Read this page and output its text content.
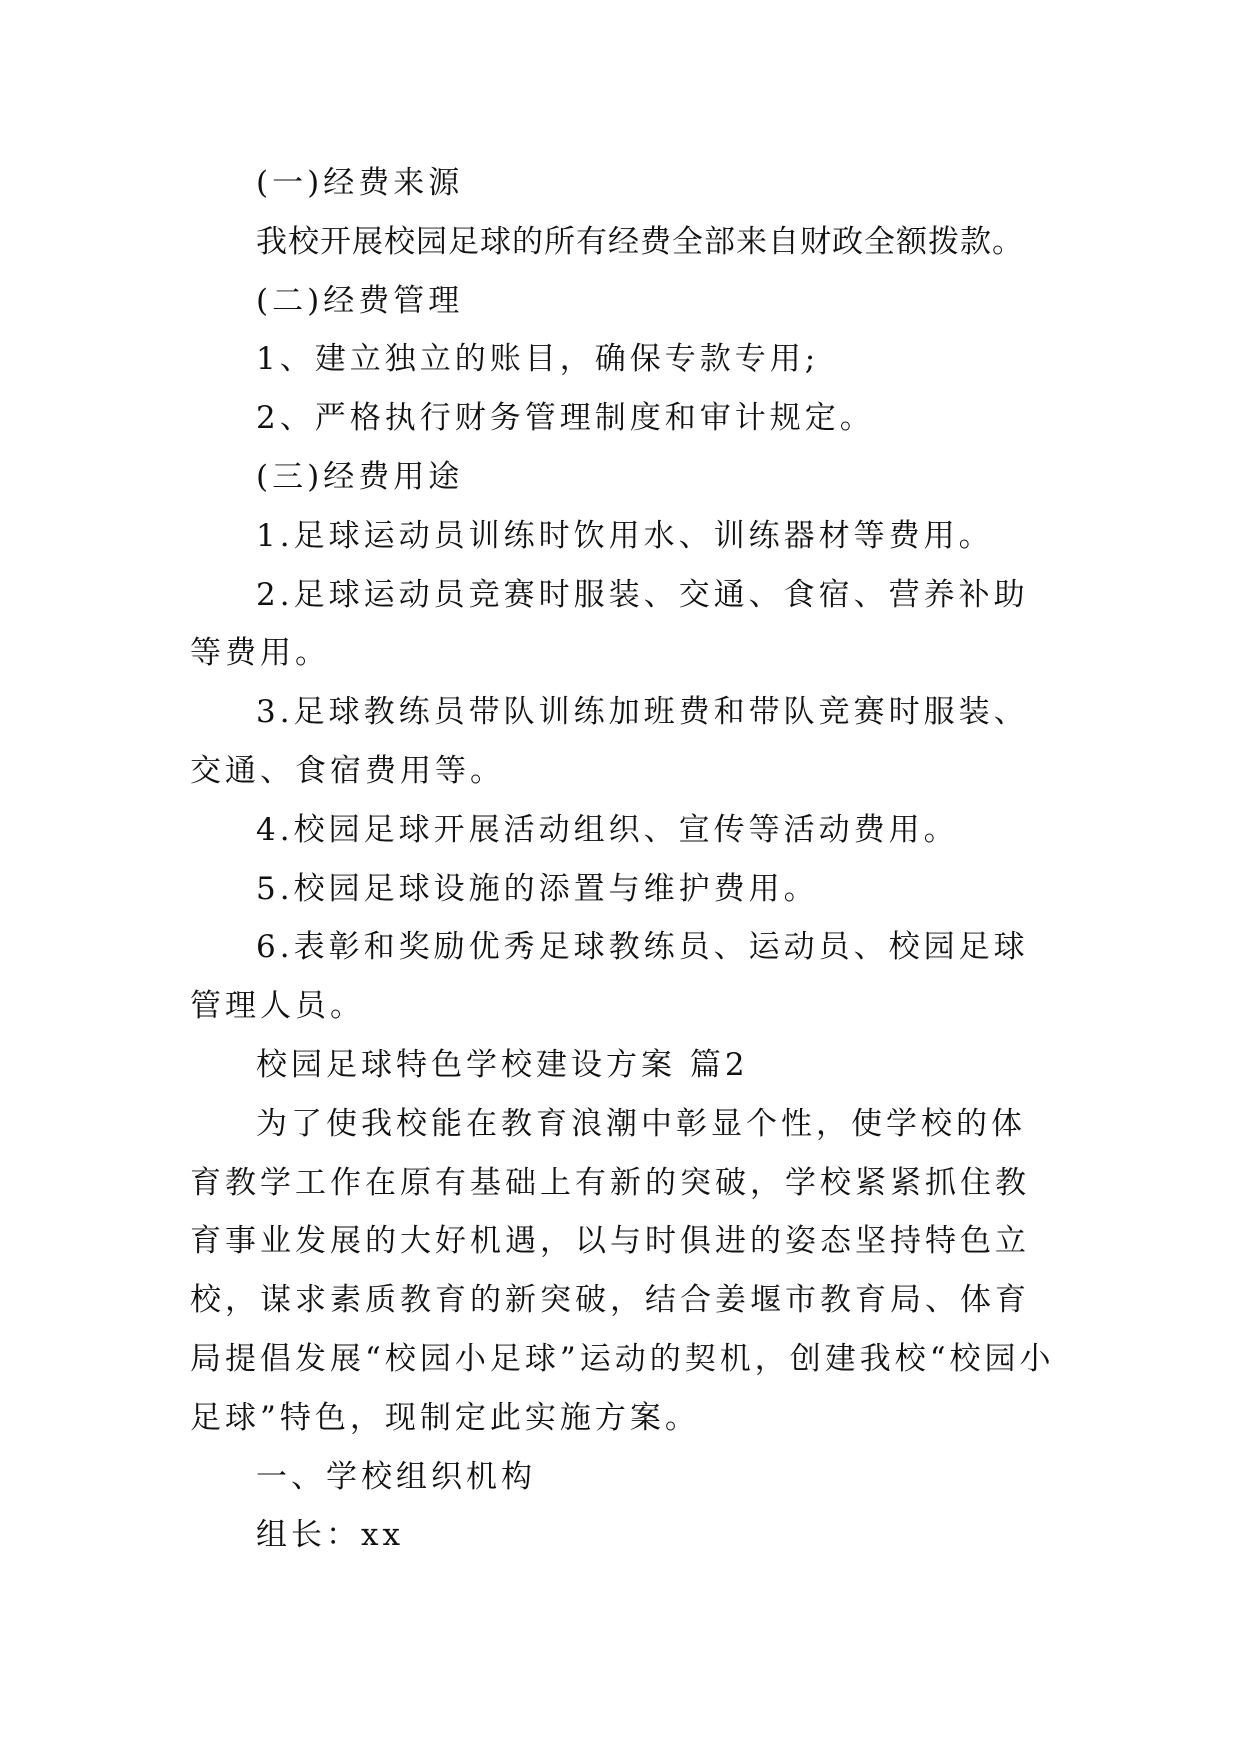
(一)经费来源

我校开展校园足球的所有经费全部来自财政全额拨款。

(二)经费管理

1、建立独立的账目，确保专款专用;

2、严格执行财务管理制度和审计规定。

(三)经费用途

1.足球运动员训练时饮用水、训练器材等费用。

2.足球运动员竞赛时服装、交通、食宿、营养补助等费用。

3.足球教练员带队训练加班费和带队竞赛时服装、交通、食宿费用等。

4.校园足球开展活动组织、宣传等活动费用。

5.校园足球设施的添置与维护费用。

6.表彰和奖励优秀足球教练员、运动员、校园足球管理人员。

校园足球特色学校建设方案 篇2

为了使我校能在教育浪潮中彰显个性，使学校的体育教学工作在原有基础上有新的突破，学校紧紧抓住教育事业发展的大好机遇，以与时俱进的姿态坚持特色立校，谋求素质教育的新突破，结合姜堰市教育局、体育局提倡发展“校园小足球”运动的契机，创建我校“校园小足球”特色，现制定此实施方案。

一、学校组织机构

组长：xx
